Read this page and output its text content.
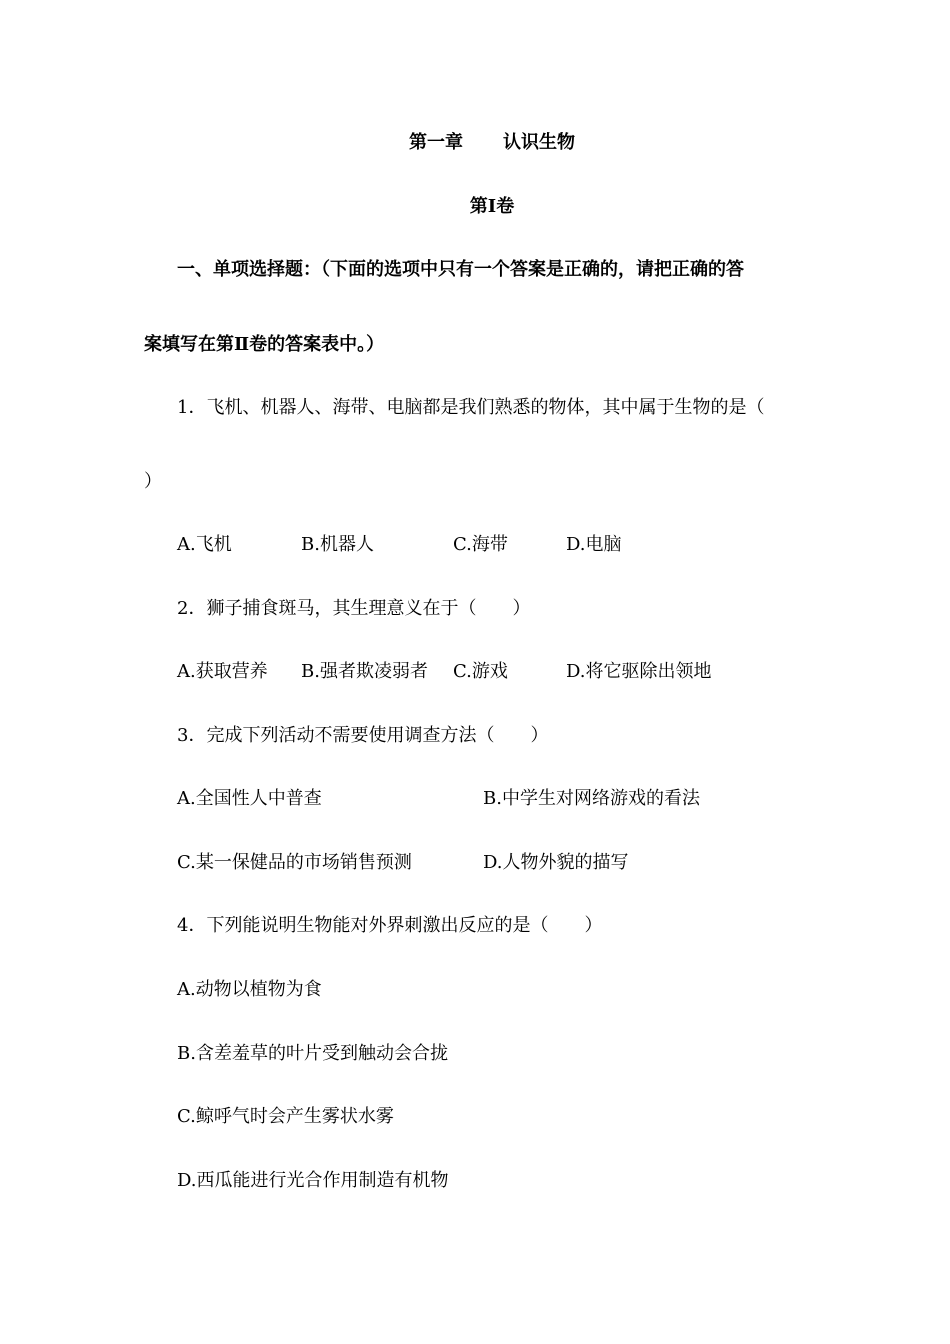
第一章 认识生物
第Ⅰ卷
一、单项选择题：（下面的选项中只有一个答案是正确的，请把正确的答
案填写在第Ⅱ卷的答案表中。）
1．飞机、机器人、海带、电脑都是我们熟悉的物体，其中属于生物的是（
）
A.飞机	B.机器人	C.海带	D.电脑
2．狮子捕食斑马，其生理意义在于（　　）
A.获取营养 B.强者欺凌弱者 C.游戏	D.将它驱除出领地
3．完成下列活动不需要使用调查方法（　　）
A.全国性人中普查	B.中学生对网络游戏的看法
C.某一保健品的市场销售预测	D.人物外貌的描写
4．下列能说明生物能对外界刺激出反应的是（　　）
A.动物以植物为食
B.含差羞草的叶片受到触动会合拢
C.鲸呼气时会产生雾状水雾
D.西瓜能进行光合作用制造有机物
